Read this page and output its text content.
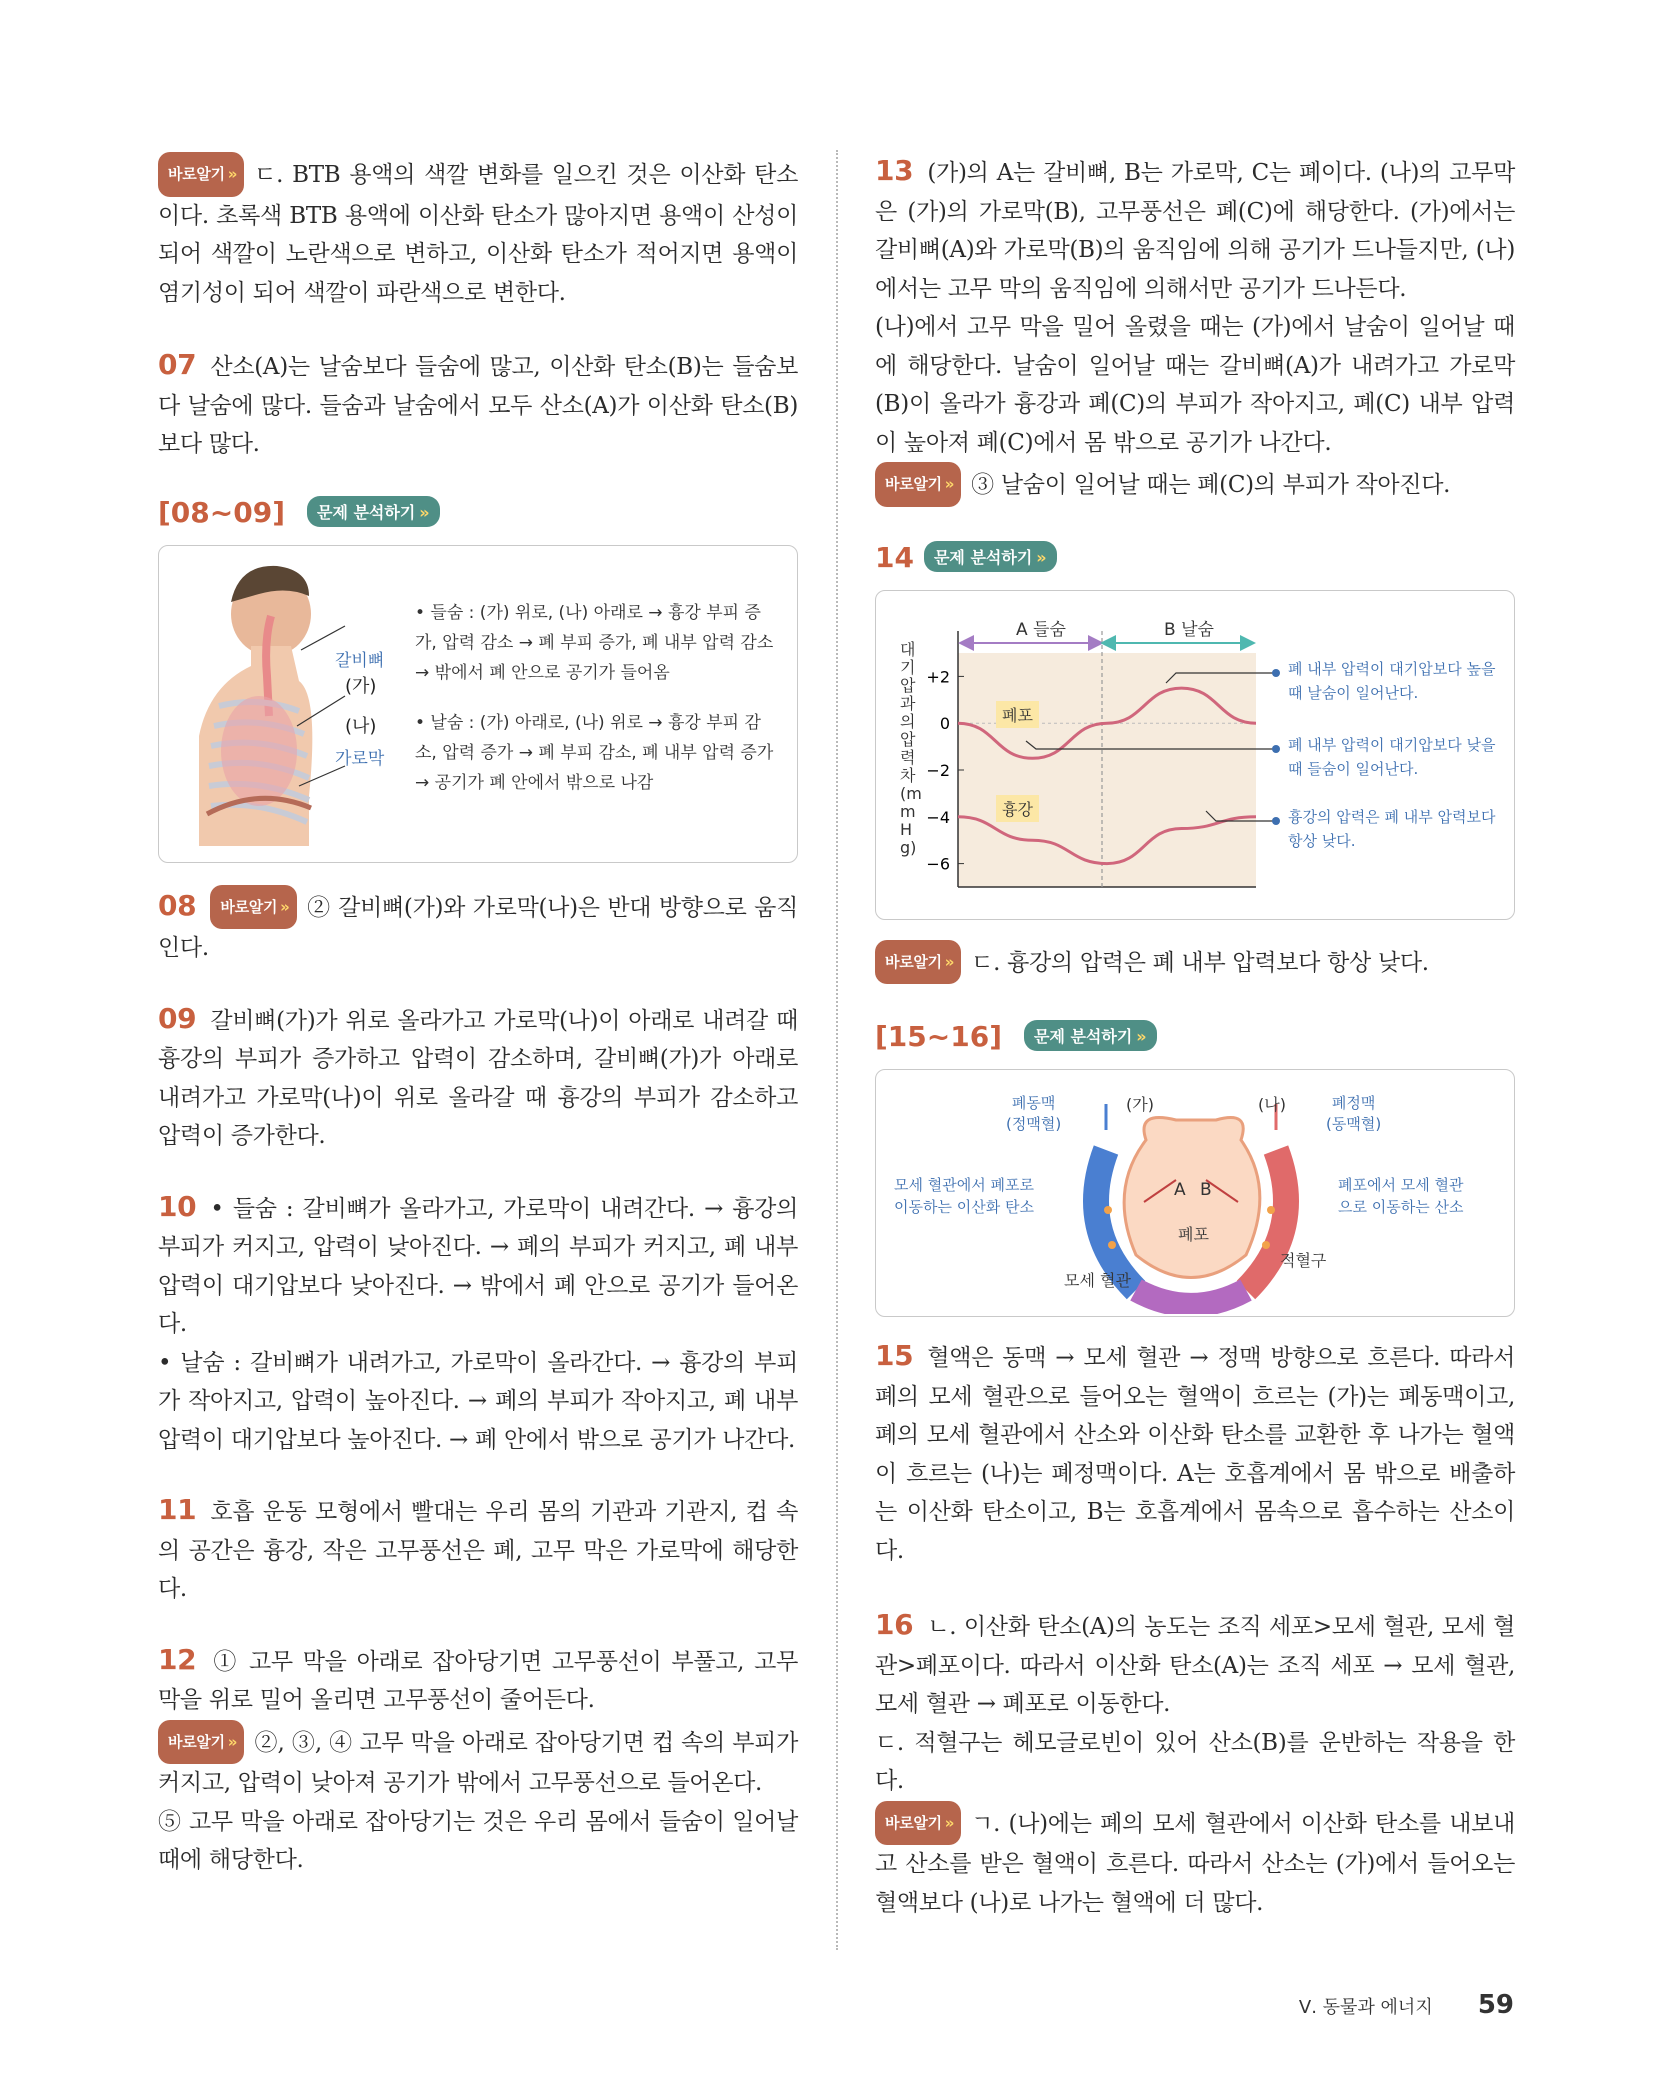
바로알기 » ㄷ. BTB 용액의 색깔 변화를 일으킨 것은 이산화 탄소이다. 초록색 BTB 용액에 이산화 탄소가 많아지면 용액이 산성이 되어 색깔이 노란색으로 변하고, 이산화 탄소가 적어지면 용액이 염기성이 되어 색깔이 파란색으로 변한다.

07 산소(A)는 날숨보다 들숨에 많고, 이산화 탄소(B)는 들숨보다 날숨에 많다. 들숨과 날숨에서 모두 산소(A)가 이산화 탄소(B)보다 많다.

[08~09] 문제 분석하기 »
갈비뼈
(가)
(나)
가로막
• 들숨 : (가) 위로, (나) 아래로 → 흉강 부피 증가, 압력 감소 → 폐 부피 증가, 폐 내부 압력 감소 → 밖에서 폐 안으로 공기가 들어옴
• 날숨 : (가) 아래로, (나) 위로 → 흉강 부피 감소, 압력 증가 → 폐 부피 감소, 폐 내부 압력 증가 → 공기가 폐 안에서 밖으로 나감

08 바로알기 » ② 갈비뼈(가)와 가로막(나)은 반대 방향으로 움직인다.

09 갈비뼈(가)가 위로 올라가고 가로막(나)이 아래로 내려갈 때 흉강의 부피가 증가하고 압력이 감소하며, 갈비뼈(가)가 아래로 내려가고 가로막(나)이 위로 올라갈 때 흉강의 부피가 감소하고 압력이 증가한다.

10 • 들숨 : 갈비뼈가 올라가고, 가로막이 내려간다. → 흉강의 부피가 커지고, 압력이 낮아진다. → 폐의 부피가 커지고, 폐 내부 압력이 대기압보다 낮아진다. → 밖에서 폐 안으로 공기가 들어온다.

• 날숨 : 갈비뼈가 내려가고, 가로막이 올라간다. → 흉강의 부피가 작아지고, 압력이 높아진다. → 폐의 부피가 작아지고, 폐 내부 압력이 대기압보다 높아진다. → 폐 안에서 밖으로 공기가 나간다.

11 호흡 운동 모형에서 빨대는 우리 몸의 기관과 기관지, 컵 속의 공간은 흉강, 작은 고무풍선은 폐, 고무 막은 가로막에 해당한다.

12 ① 고무 막을 아래로 잡아당기면 고무풍선이 부풀고, 고무 막을 위로 밀어 올리면 고무풍선이 줄어든다.

바로알기 » ②, ③, ④ 고무 막을 아래로 잡아당기면 컵 속의 부피가 커지고, 압력이 낮아져 공기가 밖에서 고무풍선으로 들어온다.

⑤ 고무 막을 아래로 잡아당기는 것은 우리 몸에서 들숨이 일어날 때에 해당한다.

13 (가)의 A는 갈비뼈, B는 가로막, C는 폐이다. (나)의 고무막은 (가)의 가로막(B), 고무풍선은 폐(C)에 해당한다. (가)에서는 갈비뼈(A)와 가로막(B)의 움직임에 의해 공기가 드나들지만, (나)에서는 고무 막의 움직임에 의해서만 공기가 드나든다.

(나)에서 고무 막을 밀어 올렸을 때는 (가)에서 날숨이 일어날 때에 해당한다. 날숨이 일어날 때는 갈비뼈(A)가 내려가고 가로막(B)이 올라가 흉강과 폐(C)의 부피가 작아지고, 폐(C) 내부 압력이 높아져 폐(C)에서 몸 밖으로 공기가 나간다.

바로알기 » ③ 날숨이 일어날 때는 폐(C)의 부피가 작아진다.

14 문제 분석하기 »
+2
0
−2
−4
−6
대기압과의 압력 차(mmHg)
A 들숨	B 날숨
폐포
흉강
폐 내부 압력이 대기압보다 높을 때 날숨이 일어난다.
폐 내부 압력이 대기압보다 낮을 때 들숨이 일어난다.
흉강의 압력은 폐 내부 압력보다 항상 낮다.

바로알기 » ㄷ. 흉강의 압력은 폐 내부 압력보다 항상 낮다.

[15~16] 문제 분석하기 »
폐동맥
(정맥혈)
(가)	(나)	폐정맥
(동맥혈)
모세 혈관에서 폐포로
이동하는 이산화 탄소
폐포에서 모세 혈관
으로 이동하는 산소
A B
폐포
적혈구
모세 혈관

15 혈액은 동맥 → 모세 혈관 → 정맥 방향으로 흐른다. 따라서 폐의 모세 혈관으로 들어오는 혈액이 흐르는 (가)는 폐동맥이고, 폐의 모세 혈관에서 산소와 이산화 탄소를 교환한 후 나가는 혈액이 흐르는 (나)는 폐정맥이다. A는 호흡계에서 몸 밖으로 배출하는 이산화 탄소이고, B는 호흡계에서 몸속으로 흡수하는 산소이다.

16 ㄴ. 이산화 탄소(A)의 농도는 조직 세포>모세 혈관, 모세 혈관>폐포이다. 따라서 이산화 탄소(A)는 조직 세포 → 모세 혈관, 모세 혈관 → 폐포로 이동한다.

ㄷ. 적혈구는 헤모글로빈이 있어 산소(B)를 운반하는 작용을 한다.

바로알기 » ㄱ. (나)에는 폐의 모세 혈관에서 이산화 탄소를 내보내고 산소를 받은 혈액이 흐른다. 따라서 산소는 (가)에서 들어오는 혈액보다 (나)로 나가는 혈액에 더 많다.

Ⅴ. 동물과 에너지 59
